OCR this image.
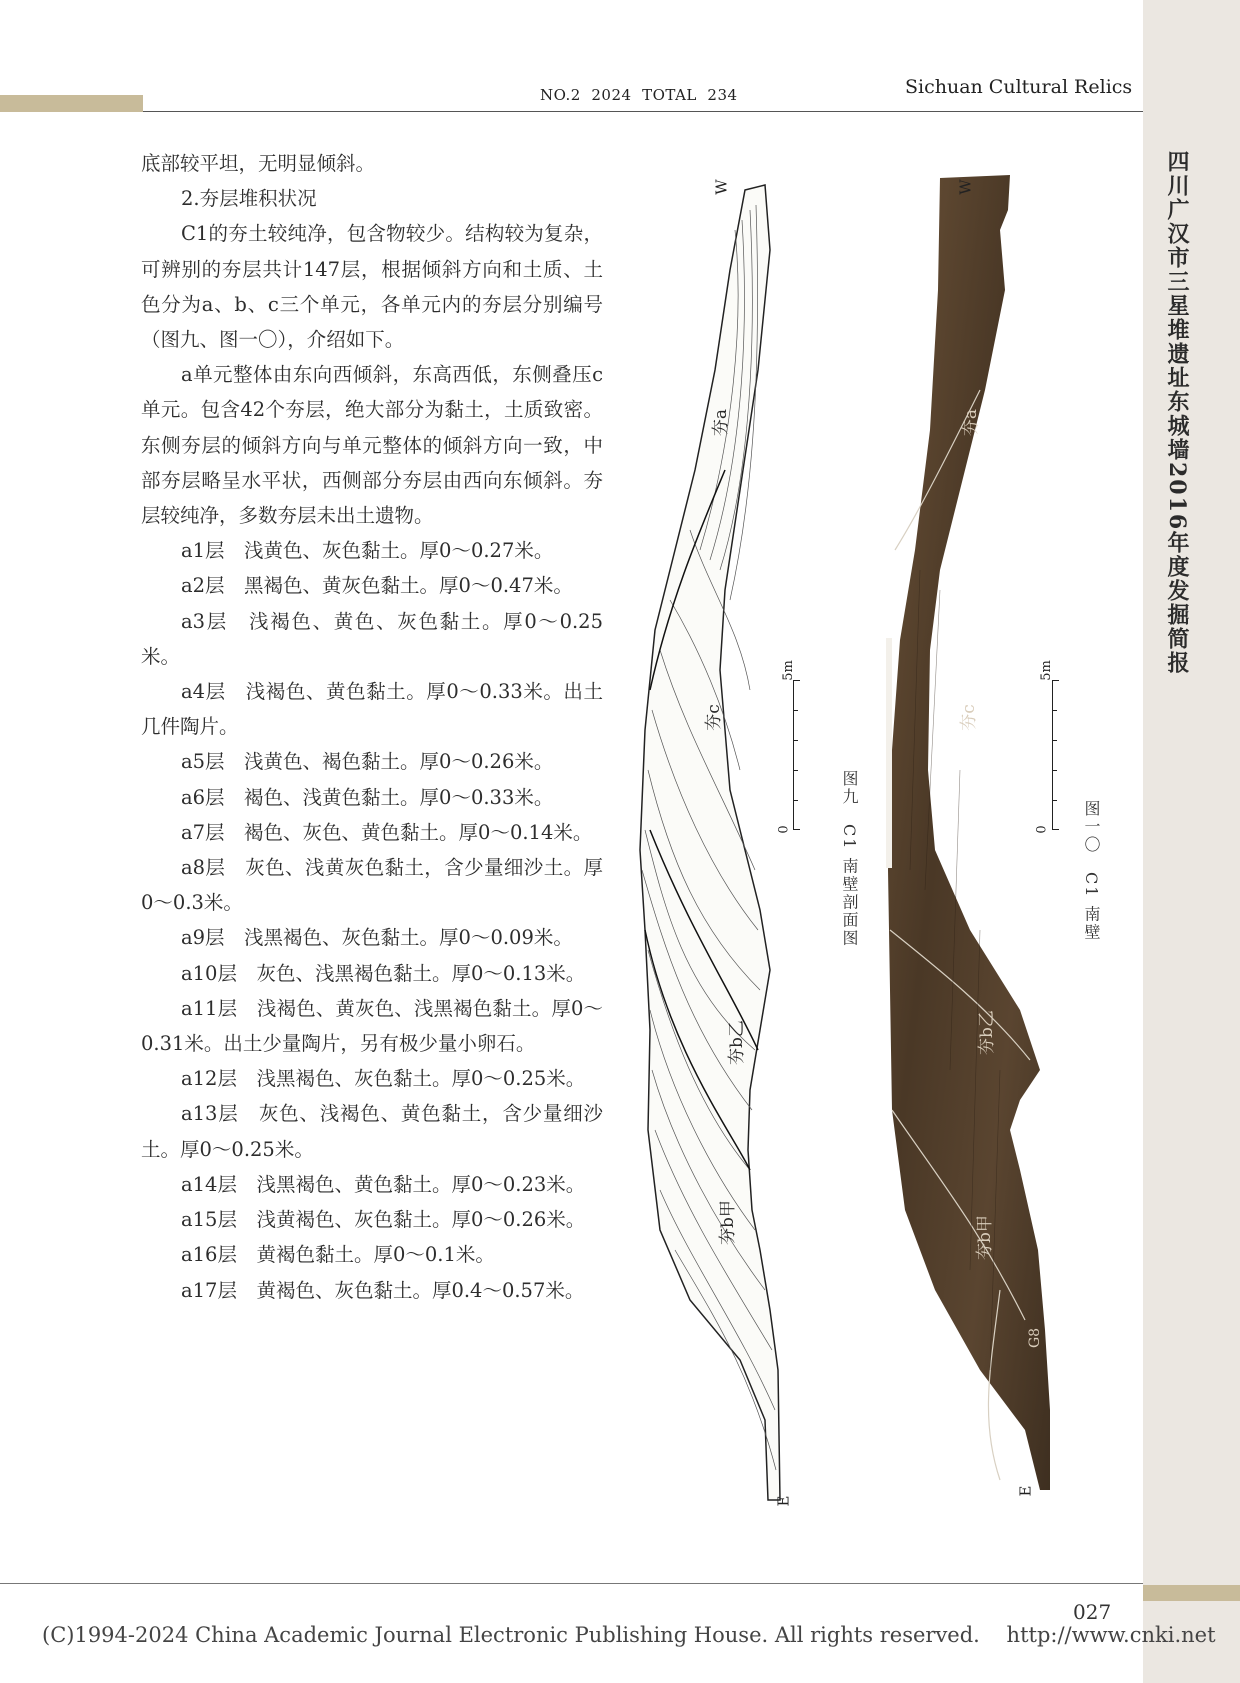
NO.2  2024  TOTAL  234	Sichuan Cultural Relics
四川广汉市三星堆遗址东城墙2016年度发掘简报

底部较平坦，无明显倾斜。

2.夯层堆积状况

C1的夯土较纯净，包含物较少。结构较为复杂，可辨别的夯层共计147层，根据倾斜方向和土质、土色分为a、b、c三个单元，各单元内的夯层分别编号（图九、图一〇），介绍如下。

a单元整体由东向西倾斜，东高西低，东侧叠压c单元。包含42个夯层，绝大部分为黏土，土质致密。东侧夯层的倾斜方向与单元整体的倾斜方向一致，中部夯层略呈水平状，西侧部分夯层由西向东倾斜。夯层较纯净，多数夯层未出土遗物。

a1层　浅黄色、灰色黏土。厚0～0.27米。

a2层　黑褐色、黄灰色黏土。厚0～0.47米。

a3层　浅褐色、黄色、灰色黏土。厚0～0.25米。

a4层　浅褐色、黄色黏土。厚0～0.33米。出土几件陶片。

a5层　浅黄色、褐色黏土。厚0～0.26米。

a6层　褐色、浅黄色黏土。厚0～0.33米。

a7层　褐色、灰色、黄色黏土。厚0～0.14米。

a8层　灰色、浅黄灰色黏土，含少量细沙土。厚0～0.3米。

a9层　浅黑褐色、灰色黏土。厚0～0.09米。

a10层　灰色、浅黑褐色黏土。厚0～0.13米。

a11层　浅褐色、黄灰色、浅黑褐色黏土。厚0～0.31米。出土少量陶片，另有极少量小卵石。

a12层　浅黑褐色、灰色黏土。厚0～0.25米。

a13层　灰色、浅褐色、黄色黏土，含少量细沙土。厚0～0.25米。

a14层　浅黑褐色、黄色黏土。厚0～0.23米。

a15层　浅黄褐色、灰色黏土。厚0～0.26米。

a16层　黄褐色黏土。厚0～0.1米。

a17层　黄褐色、灰色黏土。厚0.4～0.57米。

W
E
夯a
夯c
夯b乙
夯b甲
5m
0	图九　C1 南壁剖面图
W
E
夯a
夯c
夯b乙
夯b甲
G8
5m
0 图一〇　C1 南壁
027
(C)1994-2024 China Academic Journal Electronic Publishing House. All rights reserved.    http://www.cnki.net
